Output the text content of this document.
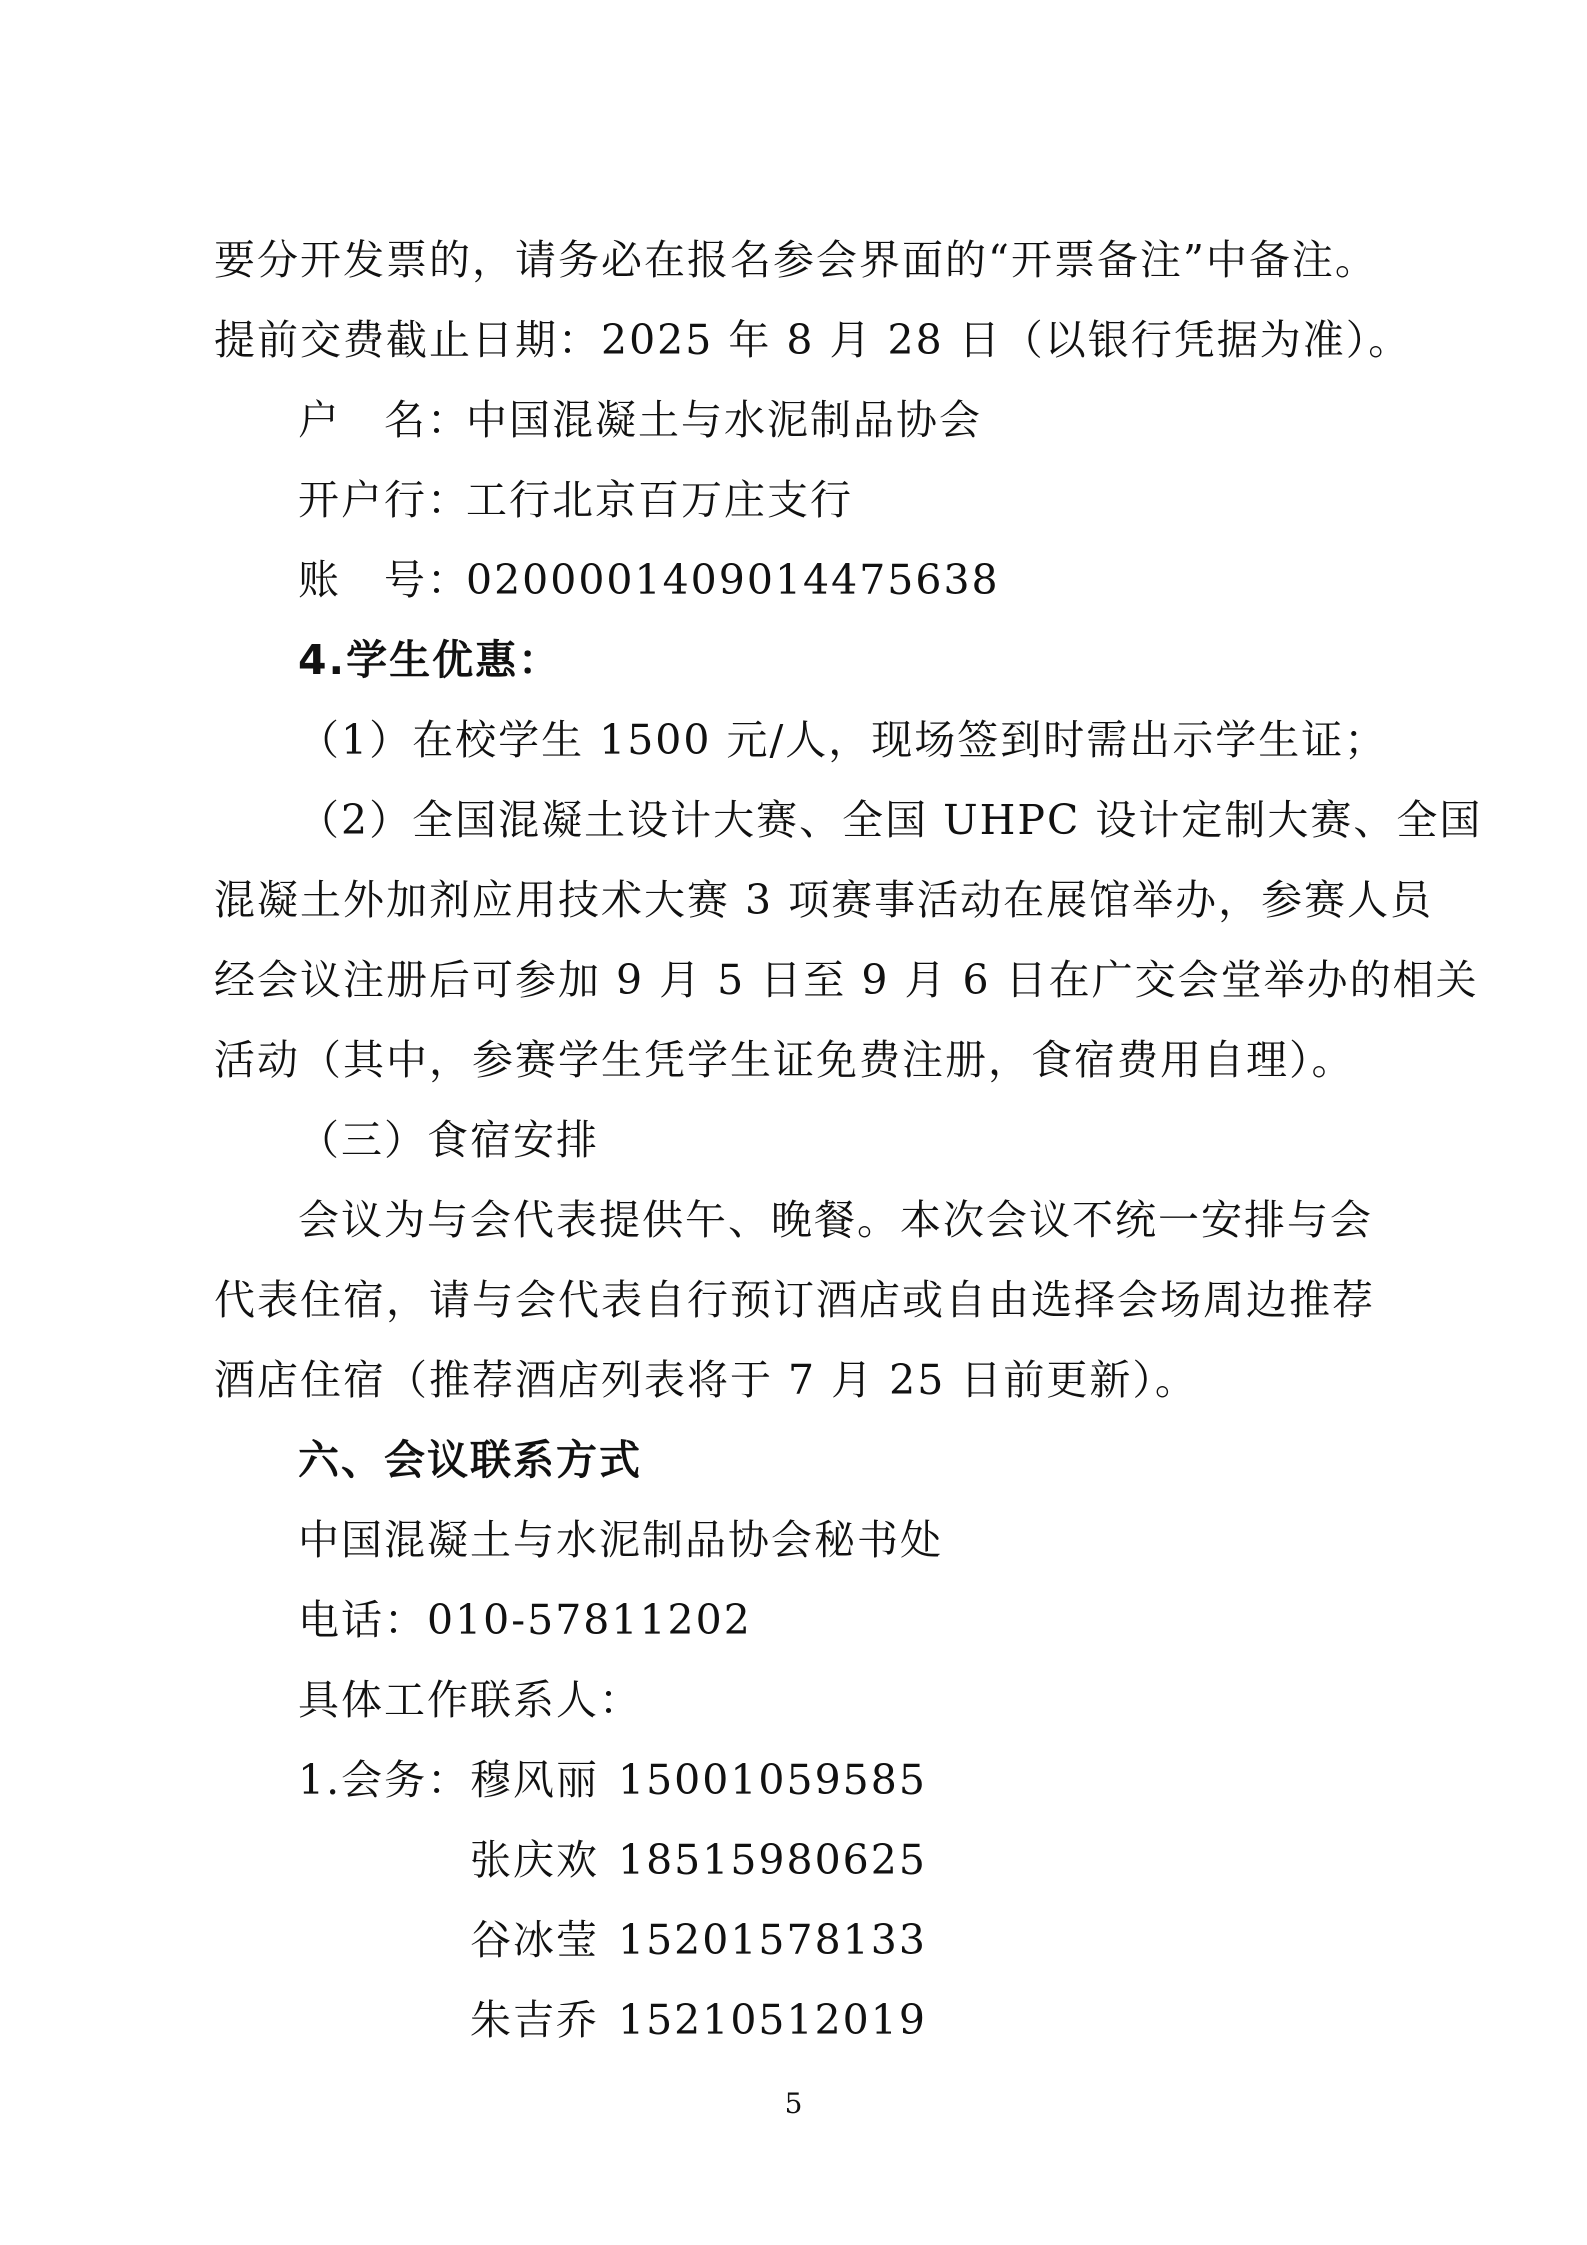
要分开发票的，请务必在报名参会界面的“开票备注”中备注。
提前交费截止日期：2025 年 8 月 28 日（以银行凭据为准）。
户　名：中国混凝土与水泥制品协会
开户行：工行北京百万庄支行
账　号：0200001409014475638
4.学生优惠：
（1）在校学生 1500 元/人，现场签到时需出示学生证；
（2）全国混凝土设计大赛、全国 UHPC 设计定制大赛、全国
混凝土外加剂应用技术大赛 3 项赛事活动在展馆举办，参赛人员
经会议注册后可参加 9 月 5 日至 9 月 6 日在广交会堂举办的相关
活动（其中，参赛学生凭学生证免费注册，食宿费用自理）。
（三）食宿安排
会议为与会代表提供午、晚餐。本次会议不统一安排与会
代表住宿，请与会代表自行预订酒店或自由选择会场周边推荐
酒店住宿（推荐酒店列表将于 7 月 25 日前更新）。
六、会议联系方式
中国混凝土与水泥制品协会秘书处
电话：010-57811202
具体工作联系人：
1.会务： 穆风丽 15001059585
张庆欢 18515980625
谷冰莹 15201578133
朱吉乔 15210512019
5
